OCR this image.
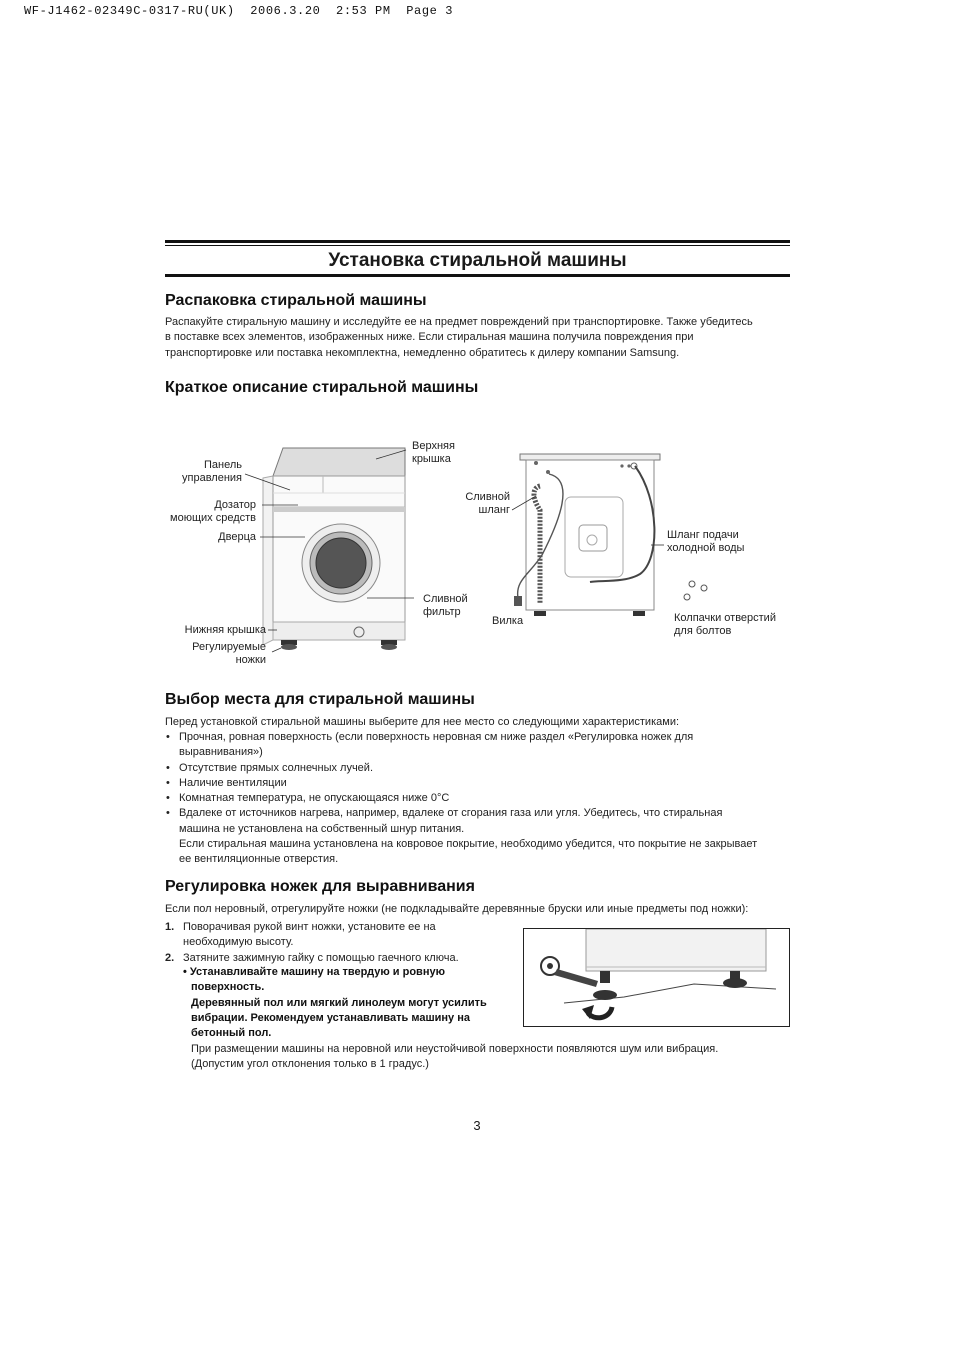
WF-J1462-02349C-0317-RU(UK)  2006.3.20  2:53 PM  Page 3
Установка стиральной машины
Распаковка стиральной машины
Распакуйте стиральную машину и исследуйте ее на предмет повреждений при транспортировке. Также убедитесь
в поставке всех элементов, изображенных ниже. Если стиральная машина получила повреждения при
транспортировке или поставка некомплектна, немедленно обратитесь к дилеру компании Samsung.
Краткое описание стиральной машины
Верхняя
крышка
Панель
управления
Дозатор
моющих средств
Дверца
Сливной
фильтр
Нижняя крышка
Регулируемые
ножки
Сливной
шланг
Шланг подачи
холодной воды
Вилка	Колпачки отверстий
для болтов
Выбор места для стиральной машины
Перед установкой стиральной машины выберите для нее место со следующими характеристиками:
• Прочная, ровная поверхность (если поверхность неровная см ниже раздел «Регулировка ножек для
выравнивания»)
• Отсутствие прямых солнечных лучей.
• Наличие вентиляции
• Комнатная температура, не опускающаяся ниже 0°C
• Вдалеке от источников нагрева, например, вдалеке от сгорания газа или угля. Убедитесь, что стиральная
машина не установлена на собственный шнур питания.
Если стиральная машина установлена на ковровое покрытие, необходимо убедится, что покрытие не закрывает
ее вентиляционные отверстия.
Регулировка ножек для выравнивания
Если пол неровный, отрегулируйте ножки (не подкладывайте деревянные бруски или иные предметы под ножки):
1. Поворачивая рукой винт ножки, установите ее на
необходимую высоту.
2. Затяните зажимную гайку с помощью гаечного ключа.
• Устанавливайте машину на твердую и ровную
поверхность.
Деревянный пол или мягкий линолеум могут усилить
вибрации. Рекомендуем устанавливать машину на
бетонный пол.
При размещении машины на неровной или неустойчивой поверхности появляются шум или вибрация.
(Допустим угол отклонения только в 1 градус.)
3
